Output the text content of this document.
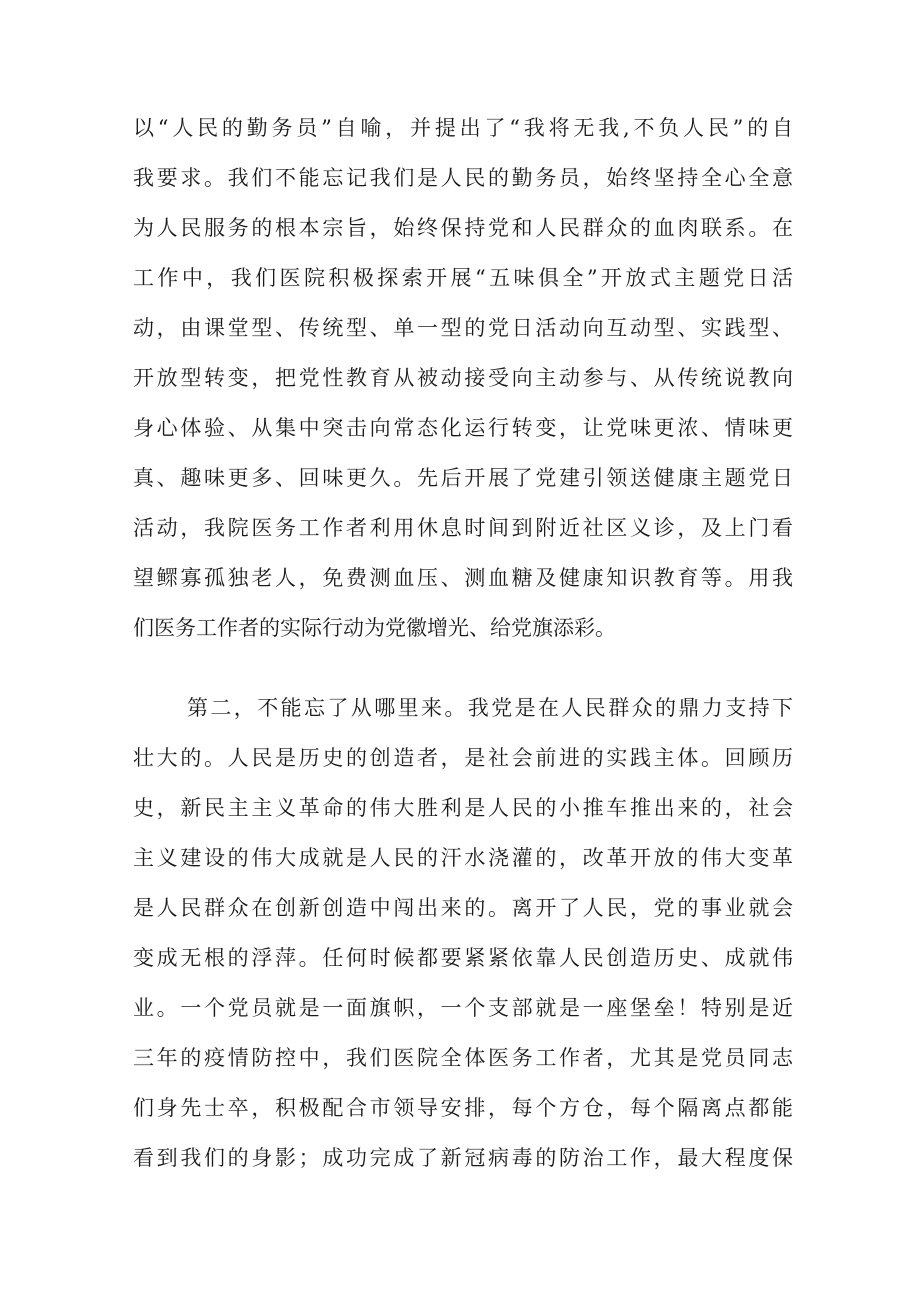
以“人民的勤务员”自喻，并提出了“我将无我,不负人民”的自
我要求。我们不能忘记我们是人民的勤务员，始终坚持全心全意
为人民服务的根本宗旨，始终保持党和人民群众的血肉联系。在
工作中，我们医院积极探索开展“五味俱全”开放式主题党日活
动，由课堂型、传统型、单一型的党日活动向互动型、实践型、
开放型转变，把党性教育从被动接受向主动参与、从传统说教向
身心体验、从集中突击向常态化运行转变，让党味更浓、情味更
真、趣味更多、回味更久。先后开展了党建引领送健康主题党日
活动，我院医务工作者利用休息时间到附近社区义诊，及上门看
望鳏寡孤独老人，免费测血压、测血糖及健康知识教育等。用我
们医务工作者的实际行动为党徽增光、给党旗添彩。
第二，不能忘了从哪里来。我党是在人民群众的鼎力支持下
壮大的。人民是历史的创造者，是社会前进的实践主体。回顾历
史，新民主主义革命的伟大胜利是人民的小推车推出来的，社会
主义建设的伟大成就是人民的汗水浇灌的，改革开放的伟大变革
是人民群众在创新创造中闯出来的。离开了人民，党的事业就会
变成无根的浮萍。任何时候都要紧紧依靠人民创造历史、成就伟
业。一个党员就是一面旗帜，一个支部就是一座堡垒！特别是近
三年的疫情防控中，我们医院全体医务工作者，尤其是党员同志
们身先士卒，积极配合市领导安排，每个方仓，每个隔离点都能
看到我们的身影；成功完成了新冠病毒的防治工作，最大程度保
